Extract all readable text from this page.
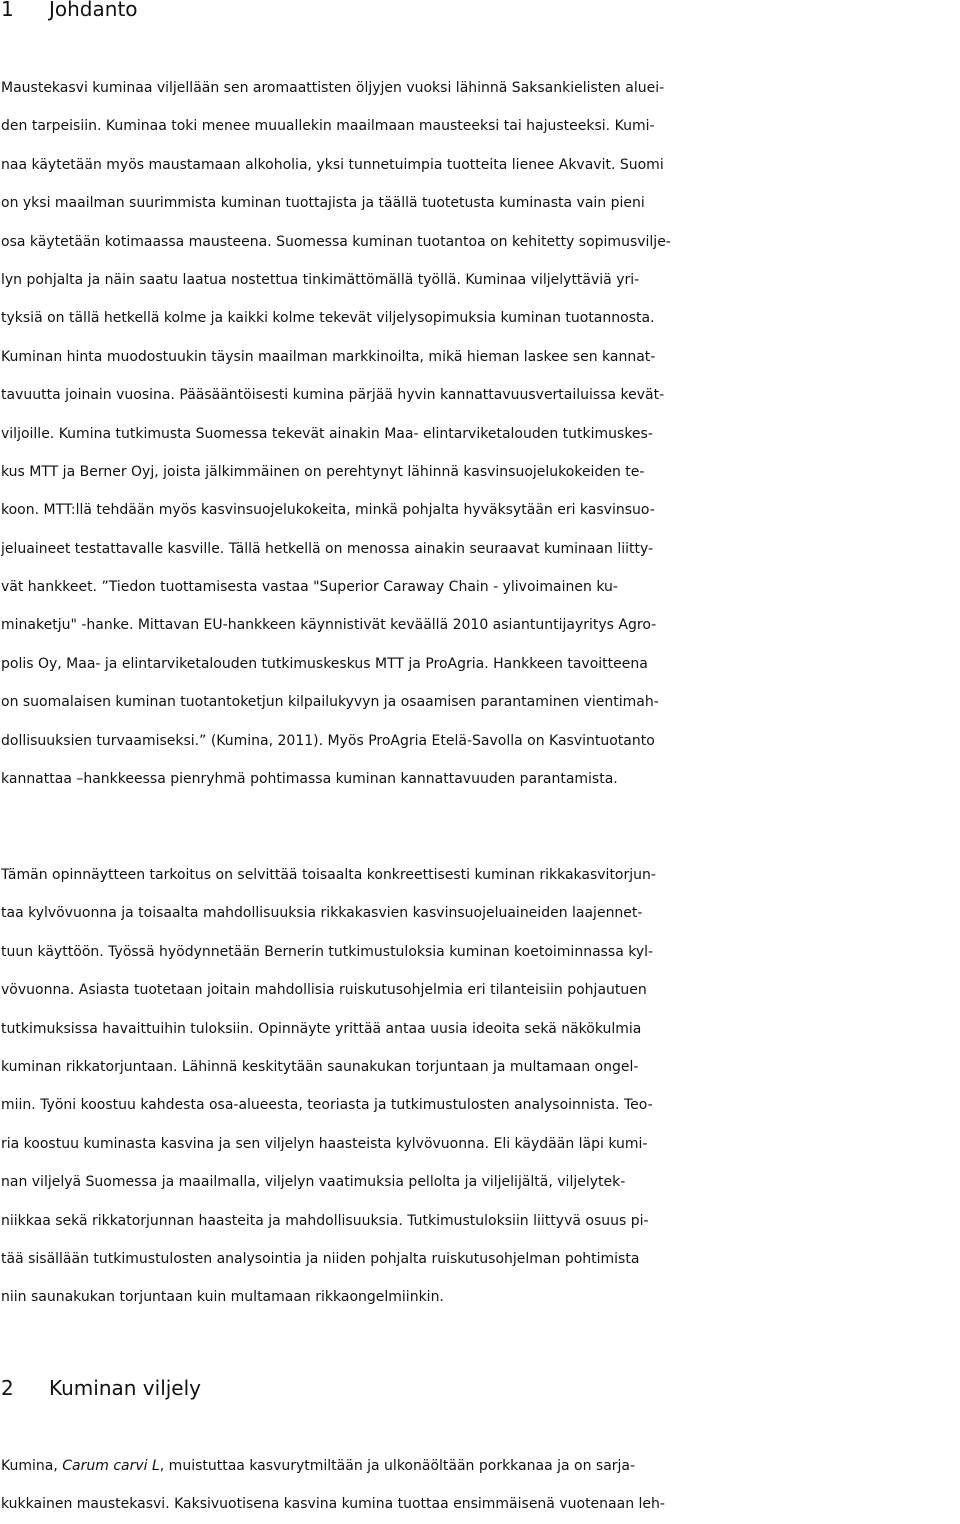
1 Johdanto
Maustekasvi kuminaa viljellään sen aromaattisten öljyjen vuoksi lähinnä Saksankielisten aluei-
den tarpeisiin. Kuminaa toki menee muuallekin maailmaan mausteeksi tai hajusteeksi. Kumi-
naa käytetään myös maustamaan alkoholia, yksi tunnetuimpia tuotteita lienee Akvavit. Suomi
on yksi maailman suurimmista kuminan tuottajista ja täällä tuotetusta kuminasta vain pieni
osa käytetään kotimaassa mausteena. Suomessa kuminan tuotantoa on kehitetty sopimusvilje-
lyn pohjalta ja näin saatu laatua nostettua tinkimättömällä työllä. Kuminaa viljelyttäviä yri-
tyksiä on tällä hetkellä kolme ja kaikki kolme tekevät viljelysopimuksia kuminan tuotannosta.
Kuminan hinta muodostuukin täysin maailman markkinoilta, mikä hieman laskee sen kannat-
tavuutta joinain vuosina. Pääsääntöisesti kumina pärjää hyvin kannattavuusvertailuissa kevät-
viljoille. Kumina tutkimusta Suomessa tekevät ainakin Maa- elintarviketalouden tutkimuskes-
kus MTT ja Berner Oyj, joista jälkimmäinen on perehtynyt lähinnä kasvinsuojelukokeiden te-
koon. MTT:llä tehdään myös kasvinsuojelukokeita, minkä pohjalta hyväksytään eri kasvinsuo-
jeluaineet testattavalle kasville. Tällä hetkellä on menossa ainakin seuraavat kuminaan liitty-
vät hankkeet. ”Tiedon tuottamisesta vastaa "Superior Caraway Chain - ylivoimainen ku-
minaketju" -hanke. Mittavan EU-hankkeen käynnistivät keväällä 2010 asiantuntijayritys Agro-
polis Oy, Maa- ja elintarviketalouden tutkimuskeskus MTT ja ProAgria. Hankkeen tavoitteena
on suomalaisen kuminan tuotantoketjun kilpailukyvyn ja osaamisen parantaminen vientimah-
dollisuuksien turvaamiseksi.” (Kumina, 2011). Myös ProAgria Etelä-Savolla on Kasvintuotanto
kannattaa –hankkeessa pienryhmä pohtimassa kuminan kannattavuuden parantamista.
Tämän opinnäytteen tarkoitus on selvittää toisaalta konkreettisesti kuminan rikkakasvitorjun-
taa kylvövuonna ja toisaalta mahdollisuuksia rikkakasvien kasvinsuojeluaineiden laajennet-
tuun käyttöön. Työssä hyödynnetään Bernerin tutkimustuloksia kuminan koetoiminnassa kyl-
vövuonna. Asiasta tuotetaan joitain mahdollisia ruiskutusohjelmia eri tilanteisiin pohjautuen
tutkimuksissa havaittuihin tuloksiin. Opinnäyte yrittää antaa uusia ideoita sekä näkökulmia
kuminan rikkatorjuntaan. Lähinnä keskitytään saunakukan torjuntaan ja multamaan ongel-
miin. Työni koostuu kahdesta osa-alueesta, teoriasta ja tutkimustulosten analysoinnista. Teo-
ria koostuu kuminasta kasvina ja sen viljelyn haasteista kylvövuonna. Eli käydään läpi kumi-
nan viljelyä Suomessa ja maailmalla, viljelyn vaatimuksia pellolta ja viljelijältä, viljelytek-
niikkaa sekä rikkatorjunnan haasteita ja mahdollisuuksia. Tutkimustuloksiin liittyvä osuus pi-
tää sisällään tutkimustulosten analysointia ja niiden pohjalta ruiskutusohjelman pohtimista
niin saunakukan torjuntaan kuin multamaan rikkaongelmiinkin.
2 Kuminan viljely
Kumina, Carum carvi L, muistuttaa kasvurytmiltään ja ulkonäöltään porkkanaa ja on sarja-
kukkainen maustekasvi. Kaksivuotisena kasvina kumina tuottaa ensimmäisenä vuotenaan leh-
